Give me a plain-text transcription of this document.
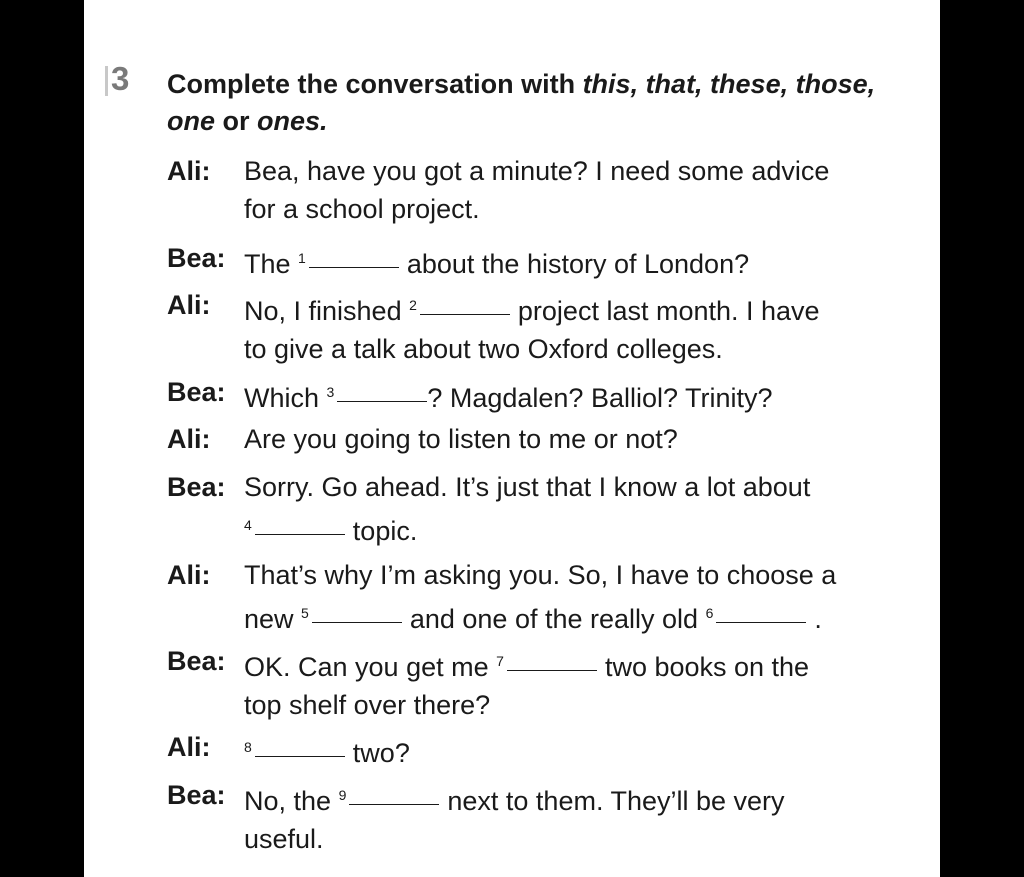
3 Complete the conversation with this, that, these, those, one or ones.
Ali: Bea, have you got a minute? I need some advice
for a school project.
Bea: The $^1$	about the history of London?
Ali: No, I finished $^2$	project last month. I have
to give a talk about two Oxford colleges.
Bea: Which $^3$	? Magdalen? Balliol? Trinity?
Ali: Are you going to listen to me or not?
Bea: Sorry. Go ahead. It’s just that I know a lot about
$^4$	topic.
Ali: That’s why I’m asking you. So, I have to choose a
new $^5$	and one of the really old $^6$	.
Bea: OK. Can you get me $^7$	two books on the
top shelf over there?
Ali: $^8$	two?
Bea: No, the $^9$	next to them. They’ll be very
useful.
